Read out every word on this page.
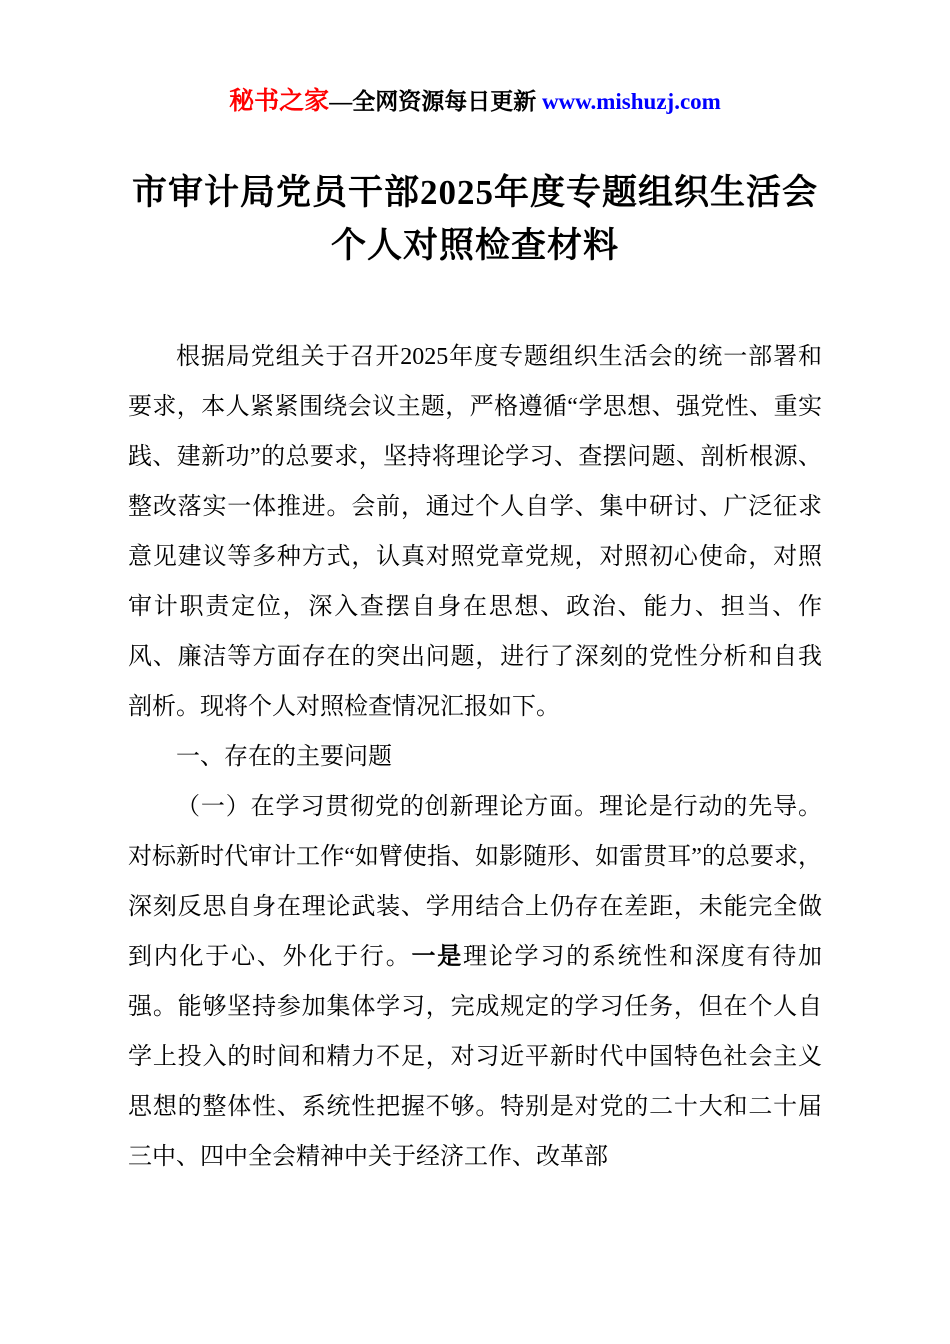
秘书之家—全网资源每日更新 www.mishuzj.com
市审计局党员干部2025年度专题组织生活会个人对照检查材料

根据局党组关于召开2025年度专题组织生活会的统一部署和要求，本人紧紧围绕会议主题，严格遵循“学思想、强党性、重实践、建新功”的总要求，坚持将理论学习、查摆问题、剖析根源、整改落实一体推进。会前，通过个人自学、集中研讨、广泛征求意见建议等多种方式，认真对照党章党规，对照初心使命，对照审计职责定位，深入查摆自身在思想、政治、能力、担当、作风、廉洁等方面存在的突出问题，进行了深刻的党性分析和自我剖析。现将个人对照检查情况汇报如下。

一、存在的主要问题

（一）在学习贯彻党的创新理论方面。理论是行动的先导。对标新时代审计工作“如臂使指、如影随形、如雷贯耳”的总要求，深刻反思自身在理论武装、学用结合上仍存在差距，未能完全做到内化于心、外化于行。一是理论学习的系统性和深度有待加强。能够坚持参加集体学习，完成规定的学习任务，但在个人自学上投入的时间和精力不足，对习近平新时代中国特色社会主义思想的整体性、系统性把握不够。特别是对党的二十大和二十届三中、四中全会精神中关于经济工作、改革部
